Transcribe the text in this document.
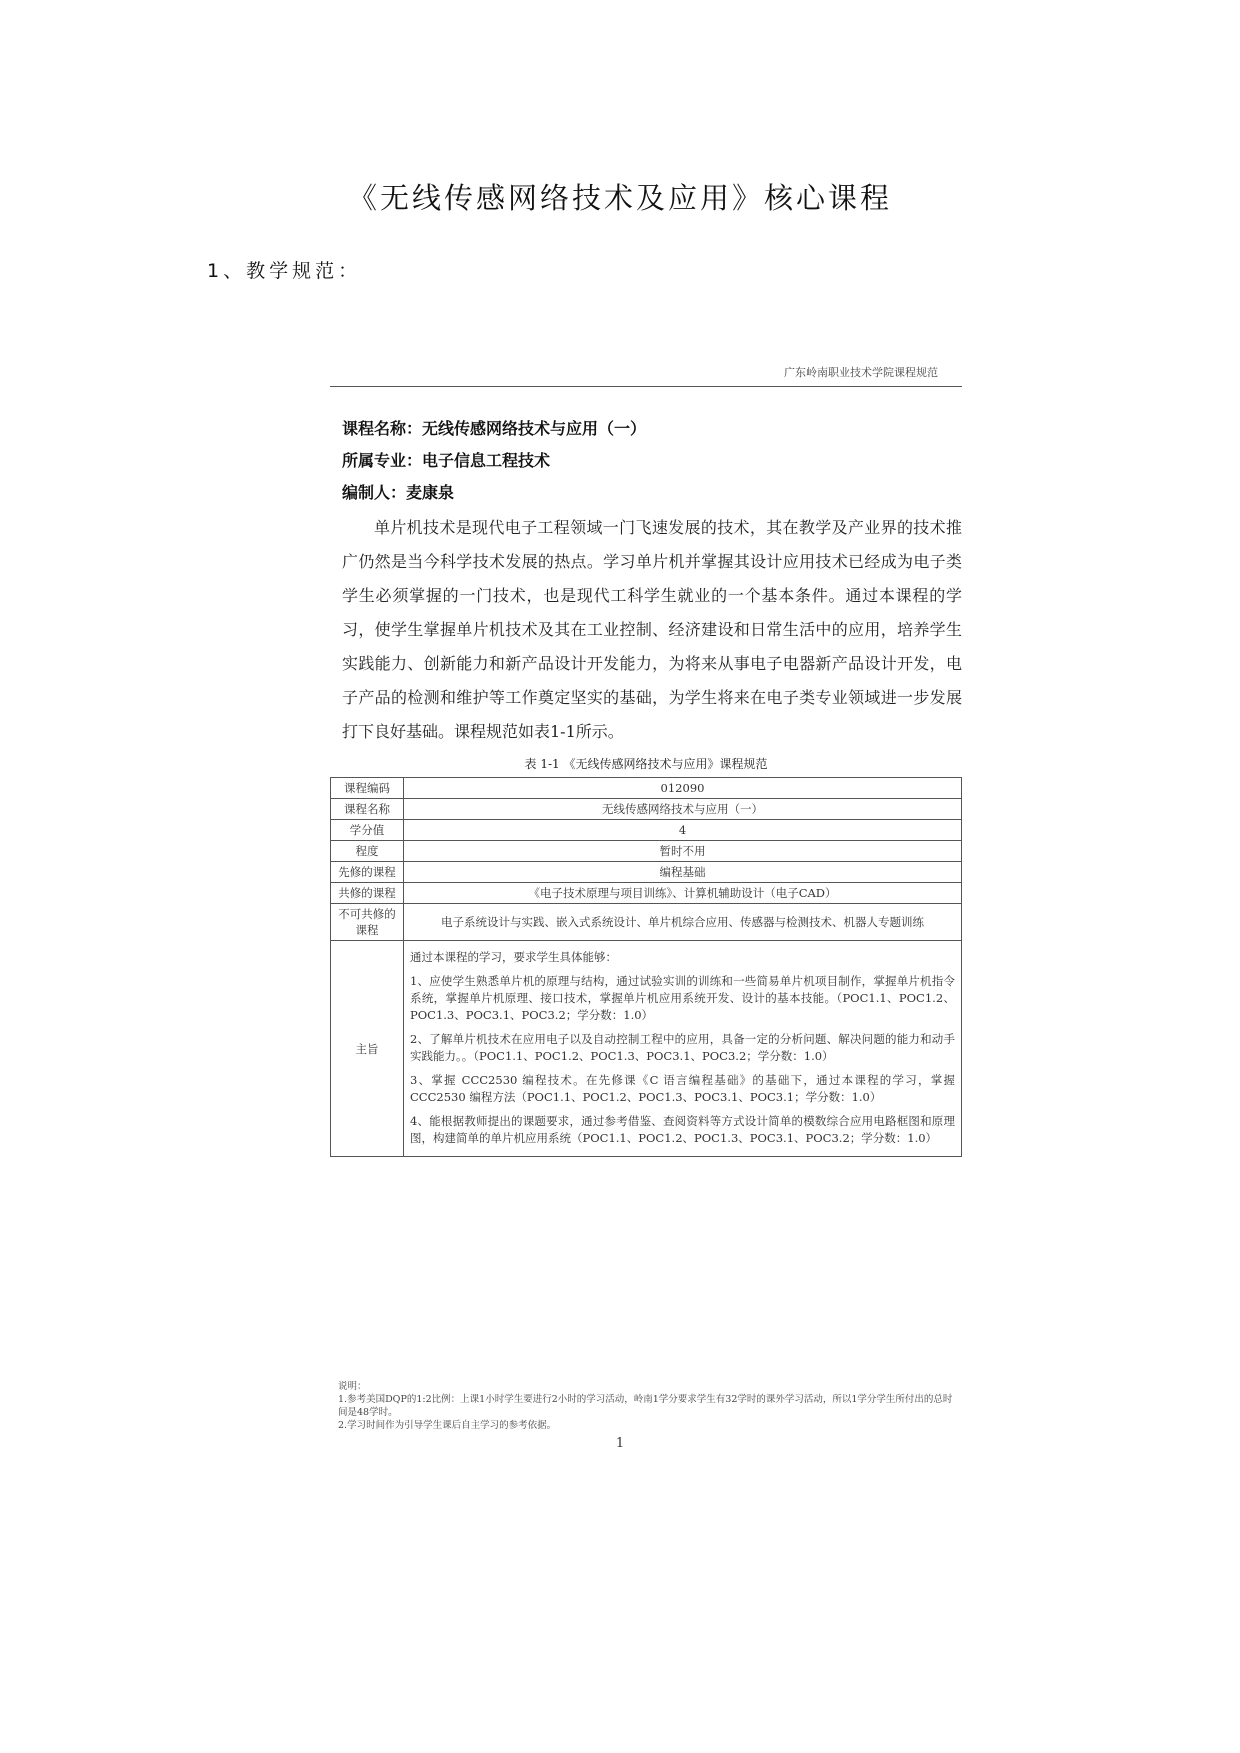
《无线传感网络技术及应用》核心课程
1、教学规范：
广东岭南职业技术学院课程规范
课程名称：无线传感网络技术与应用（一）
所属专业：电子信息工程技术
编制人：麦康泉

单片机技术是现代电子工程领域一门飞速发展的技术，其在教学及产业界的技术推广仍然是当今科学技术发展的热点。学习单片机并掌握其设计应用技术已经成为电子类学生必须掌握的一门技术，也是现代工科学生就业的一个基本条件。通过本课程的学习，使学生掌握单片机技术及其在工业控制、经济建设和日常生活中的应用，培养学生实践能力、创新能力和新产品设计开发能力，为将来从事电子电器新产品设计开发，电子产品的检测和维护等工作奠定坚实的基础，为学生将来在电子类专业领域进一步发展打下良好基础。课程规范如表1-1所示。

表 1-1 《无线传感网络技术与应用》课程规范
课程编码	012090
课程名称	无线传感网络技术与应用（一）
学分值	4
程度	暂时不用
先修的课程	编程基础
共修的课程	《电子技术原理与项目训练》、计算机辅助设计（电子CAD）
不可共修的课程	电子系统设计与实践、嵌入式系统设计、单片机综合应用、传感器与检测技术、机器人专题训练
主旨	通过本课程的学习，要求学生具体能够：

1、应使学生熟悉单片机的原理与结构，通过试验实训的训练和一些简易单片机项目制作，掌握单片机指令系统，掌握单片机原理、接口技术，掌握单片机应用系统开发、设计的基本技能。（POC1.1、POC1.2、POC1.3、POC3.1、POC3.2；学分数：1.0）

2、了解单片机技术在应用电子以及自动控制工程中的应用，具备一定的分析问题、解决问题的能力和动手实践能力。。（POC1.1、POC1.2、POC1.3、POC3.1、POC3.2；学分数：1.0）

3、掌握 CCC2530 编程技术。在先修课《C 语言编程基础》的基础下，通过本课程的学习，掌握 CCC2530 编程方法（POC1.1、POC1.2、POC1.3、POC3.1、POC3.1；学分数：1.0）

4、能根据教师提出的课题要求，通过参考借鉴、查阅资料等方式设计简单的模数综合应用电路框图和原理图，构建简单的单片机应用系统（POC1.1、POC1.2、POC1.3、POC3.1、POC3.2；学分数：1.0）

说明：
1.参考美国DQP的1:2比例：上课1小时学生要进行2小时的学习活动，岭南1学分要求学生有32学时的课外学习活动，所以1学分学生所付出的总时间是48学时。
2.学习时间作为引导学生课后自主学习的参考依据。
1
